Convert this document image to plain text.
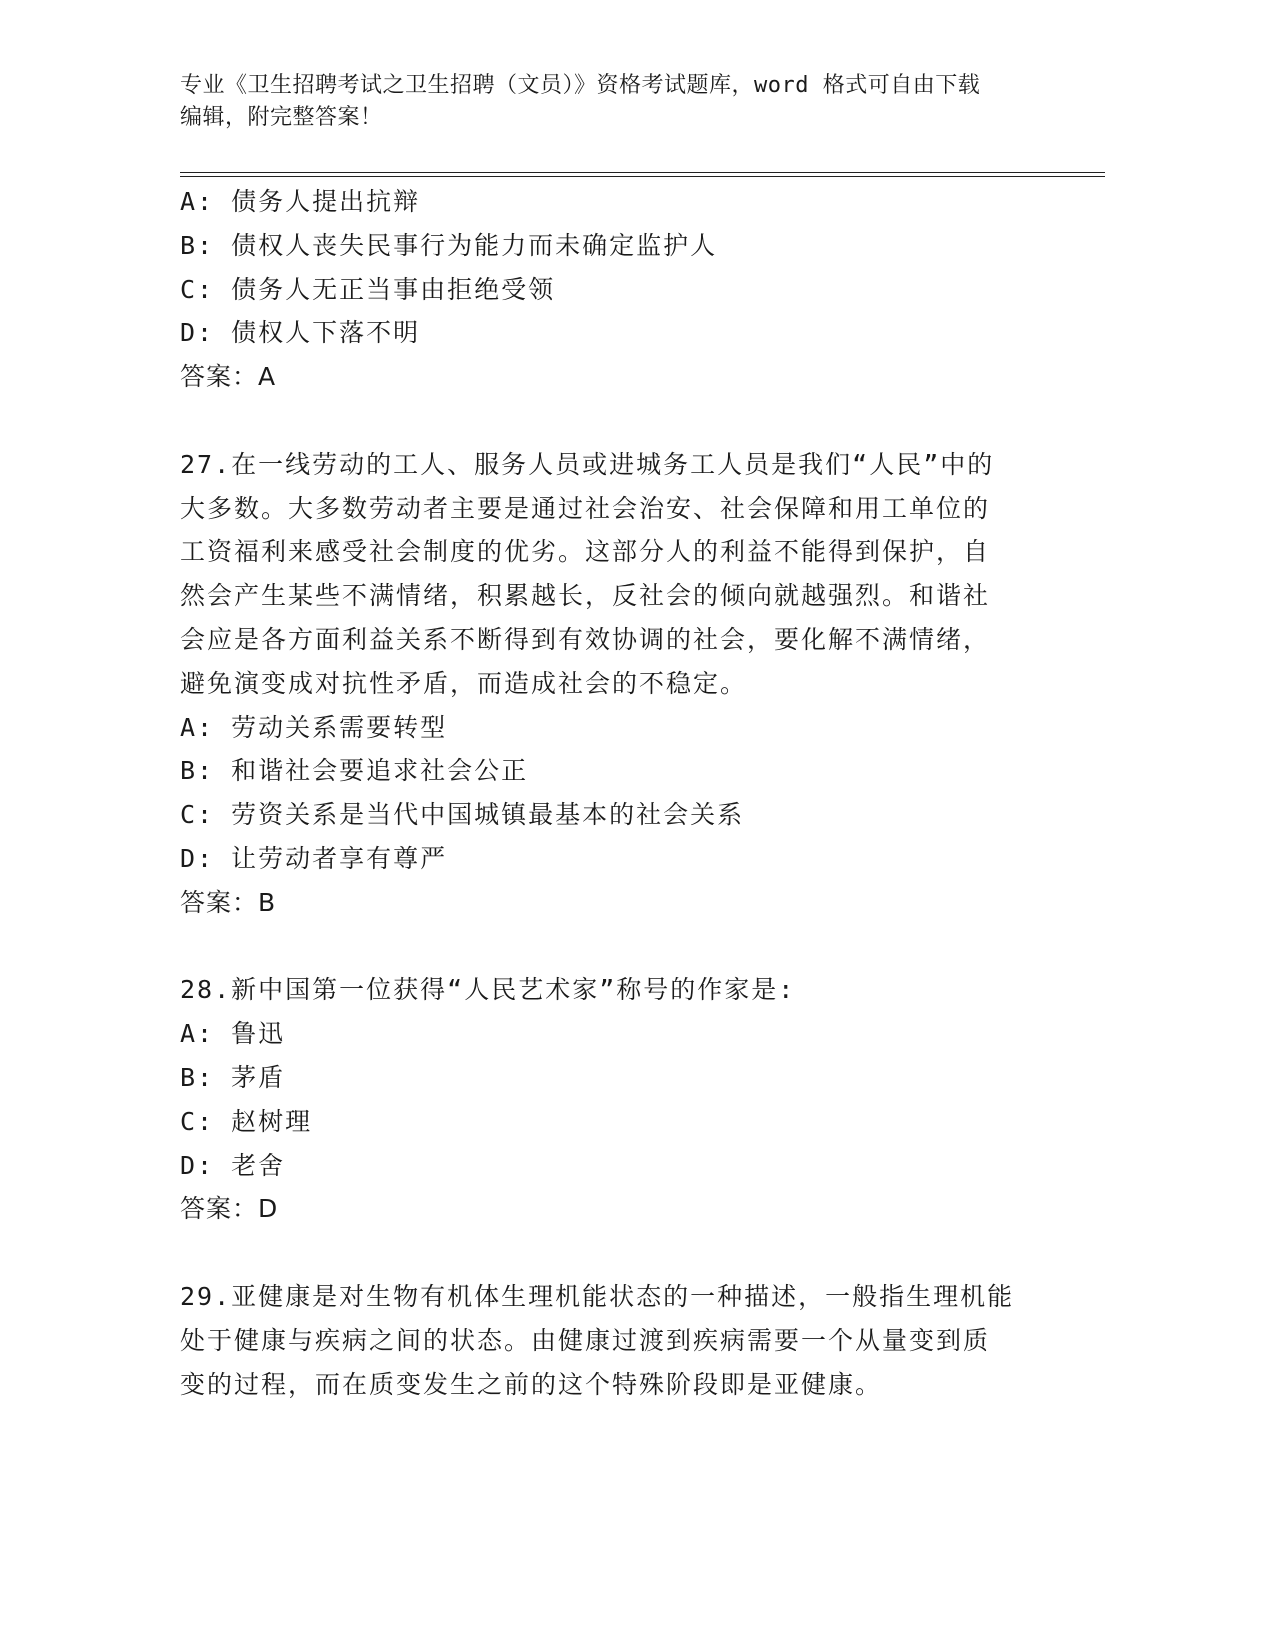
专业《卫生招聘考试之卫生招聘（文员）》资格考试题库，word 格式可自由下载
编辑，附完整答案！
A: 债务人提出抗辩
B: 债权人丧失民事行为能力而未确定监护人
C: 债务人无正当事由拒绝受领
D: 债权人下落不明
答案：A
27.在一线劳动的工人、服务人员或进城务工人员是我们“人民”中的
大多数。大多数劳动者主要是通过社会治安、社会保障和用工单位的
工资福利来感受社会制度的优劣。这部分人的利益不能得到保护，自
然会产生某些不满情绪，积累越长，反社会的倾向就越强烈。和谐社
会应是各方面利益关系不断得到有效协调的社会，要化解不满情绪，
避免演变成对抗性矛盾，而造成社会的不稳定。
A: 劳动关系需要转型
B: 和谐社会要追求社会公正
C: 劳资关系是当代中国城镇最基本的社会关系
D: 让劳动者享有尊严
答案：B
28.新中国第一位获得“人民艺术家”称号的作家是:
A: 鲁迅
B: 茅盾
C: 赵树理
D: 老舍
答案：D
29.亚健康是对生物有机体生理机能状态的一种描述，一般指生理机能
处于健康与疾病之间的状态。由健康过渡到疾病需要一个从量变到质
变的过程，而在质变发生之前的这个特殊阶段即是亚健康。
